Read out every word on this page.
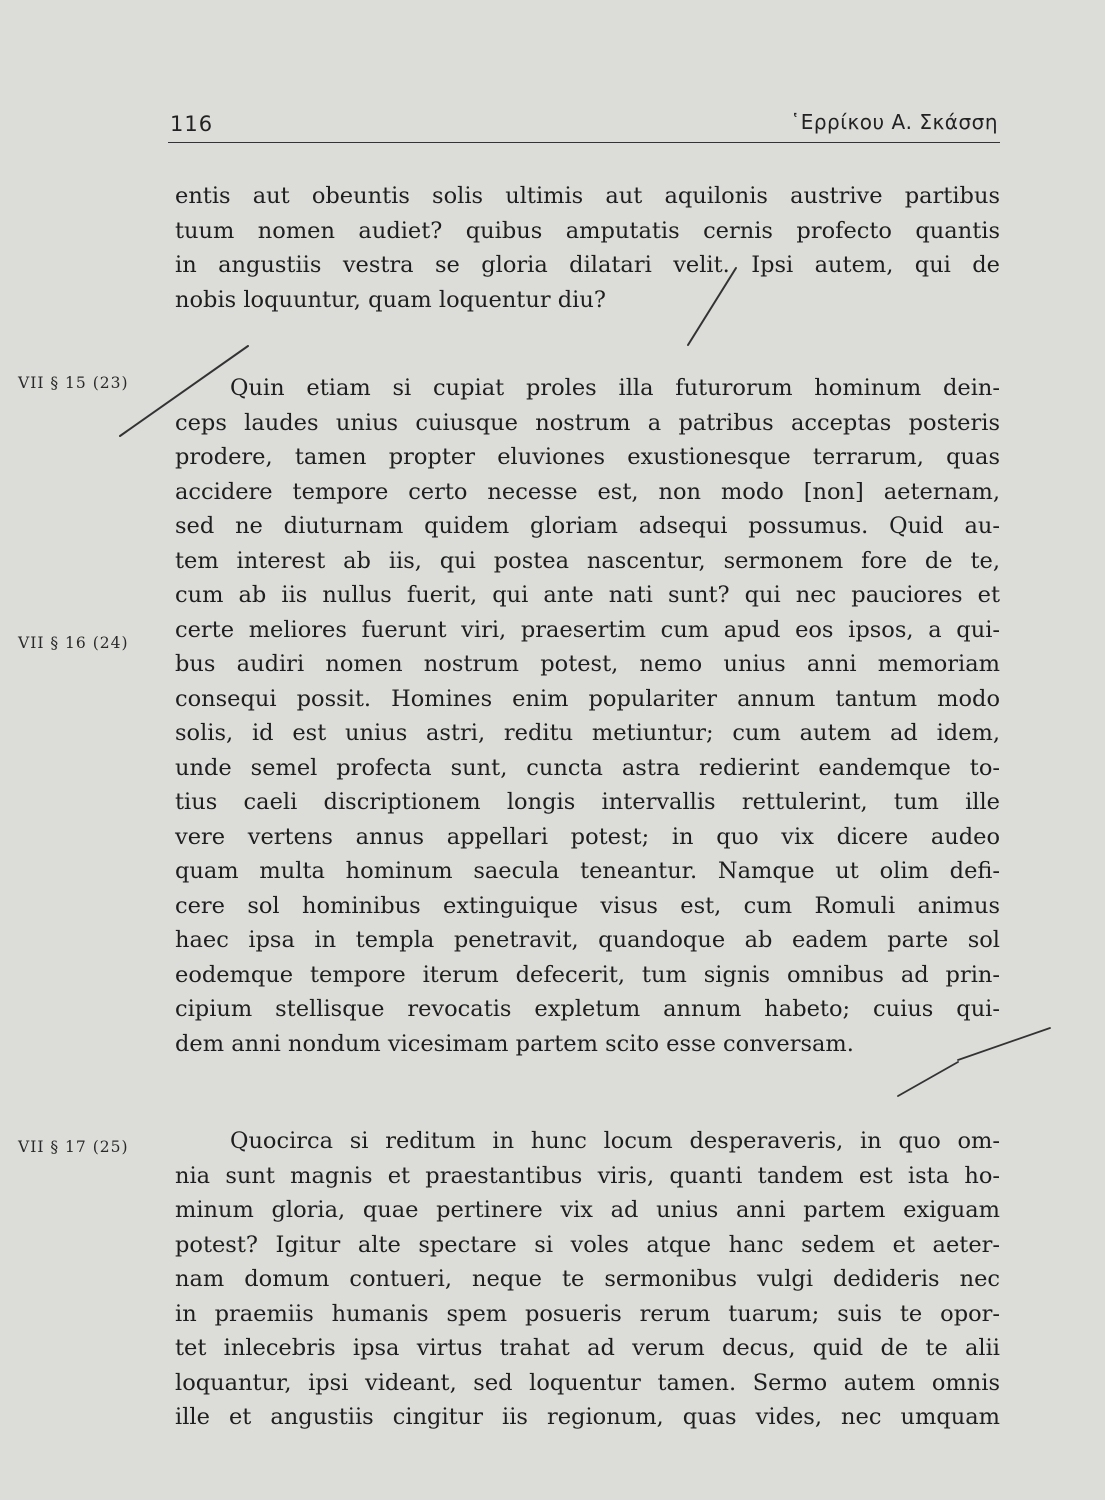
116	῾Ερρίκου Α. Σκάσση
entis aut obeuntis solis ultimis aut aquilonis austrive partibus
tuum nomen audiet? quibus amputatis cernis profecto quantis
in angustiis vestra se gloria dilatari velit. Ipsi autem, qui de
nobis loquuntur, quam loquentur diu?
Quin etiam si cupiat proles illa futurorum hominum dein-
ceps laudes unius cuiusque nostrum a patribus acceptas posteris
prodere, tamen propter eluviones exustionesque terrarum, quas
accidere tempore certo necesse est, non modo [non] aeternam,
sed ne diuturnam quidem gloriam adsequi possumus. Quid au-
tem interest ab iis, qui postea nascentur, sermonem fore de te,
cum ab iis nullus fuerit, qui ante nati sunt? qui nec pauciores et
certe meliores fuerunt viri, praesertim cum apud eos ipsos, a qui-
bus audiri nomen nostrum potest, nemo unius anni memoriam
consequi possit. Homines enim populariter annum tantum modo
solis, id est unius astri, reditu metiuntur; cum autem ad idem,
unde semel profecta sunt, cuncta astra redierint eandemque to-
tius caeli discriptionem longis intervallis rettulerint, tum ille
vere vertens annus appellari potest; in quo vix dicere audeo
quam multa hominum saecula teneantur. Namque ut olim defi-
cere sol hominibus extinguique visus est, cum Romuli animus
haec ipsa in templa penetravit, quandoque ab eadem parte sol
eodemque tempore iterum defecerit, tum signis omnibus ad prin-
cipium stellisque revocatis expletum annum habeto; cuius qui-
dem anni nondum vicesimam partem scito esse conversam.
Quocirca si reditum in hunc locum desperaveris, in quo om-
nia sunt magnis et praestantibus viris, quanti tandem est ista ho-
minum gloria, quae pertinere vix ad unius anni partem exiguam
potest? Igitur alte spectare si voles atque hanc sedem et aeter-
nam domum contueri, neque te sermonibus vulgi dedideris nec
in praemiis humanis spem posueris rerum tuarum; suis te opor-
tet inlecebris ipsa virtus trahat ad verum decus, quid de te alii
loquantur, ipsi videant, sed loquentur tamen. Sermo autem omnis
ille et angustiis cingitur iis regionum, quas vides, nec umquam
VII § 15 (23)
VII § 16 (24)
VII § 17 (25)
